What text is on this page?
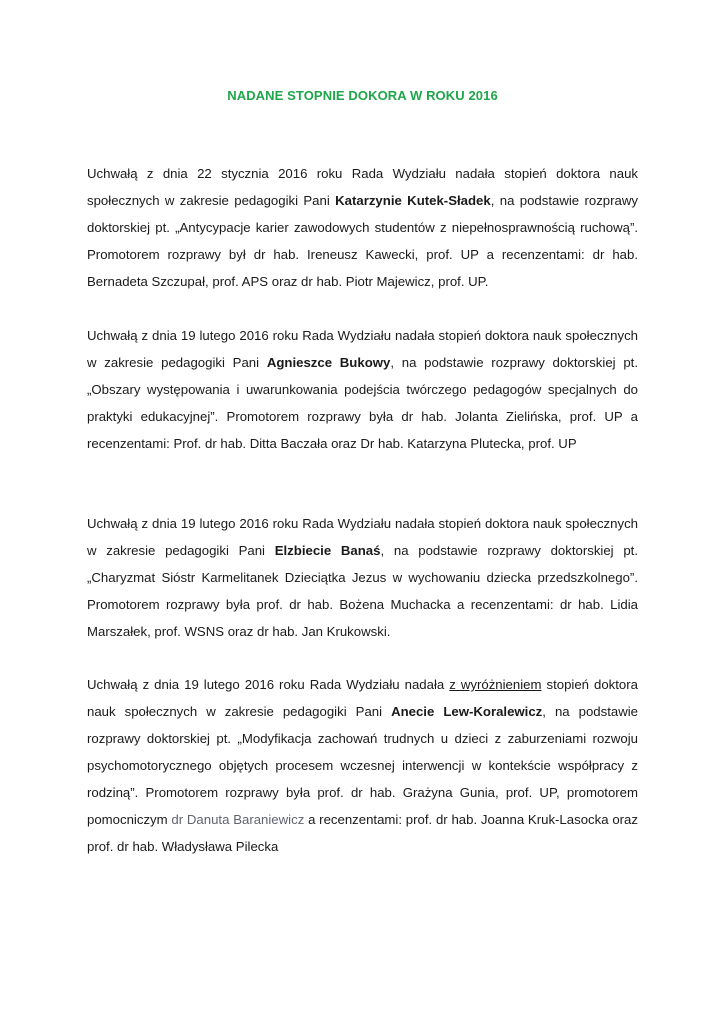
NADANE STOPNIE DOKORA W ROKU 2016

Uchwałą z dnia 22 stycznia 2016 roku Rada Wydziału nadała stopień doktora nauk społecznych w zakresie pedagogiki Pani Katarzynie Kutek-Sładek, na podstawie rozprawy doktorskiej pt. „Antycypacje karier zawodowych studentów z niepełnosprawnością ruchową”. Promotorem rozprawy był dr hab. Ireneusz Kawecki, prof. UP a recenzentami: dr hab. Bernadeta Szczupał, prof. APS oraz dr hab. Piotr Majewicz, prof. UP.

Uchwałą z dnia 19 lutego 2016 roku Rada Wydziału nadała stopień doktora nauk społecznych w zakresie pedagogiki Pani Agnieszce Bukowy, na podstawie rozprawy doktorskiej pt. „Obszary występowania i uwarunkowania podejścia twórczego pedagogów specjalnych do praktyki edukacyjnej”. Promotorem rozprawy była dr hab. Jolanta Zielińska, prof. UP a recenzentami: Prof. dr hab. Ditta Baczała oraz Dr hab. Katarzyna Plutecka, prof. UP

Uchwałą z dnia 19 lutego 2016 roku Rada Wydziału nadała stopień doktora nauk społecznych w zakresie pedagogiki Pani Elzbiecie Banaś, na podstawie rozprawy doktorskiej pt. „Charyzmat Sióstr Karmelitanek Dzieciątka Jezus w wychowaniu dziecka przedszkolnego”. Promotorem rozprawy była prof. dr hab. Bożena Muchacka a recenzentami: dr hab. Lidia Marszałek, prof. WSNS oraz dr hab. Jan Krukowski.

Uchwałą z dnia 19 lutego 2016 roku Rada Wydziału nadała z wyróżnieniem stopień doktora nauk społecznych w zakresie pedagogiki Pani Anecie Lew-Koralewicz, na podstawie rozprawy doktorskiej pt. „Modyfikacja zachowań trudnych u dzieci z zaburzeniami rozwoju psychomotorycznego objętych procesem wczesnej interwencji w kontekście współpracy z rodziną”. Promotorem rozprawy była prof. dr hab. Grażyna Gunia, prof. UP, promotorem pomocniczym dr Danuta Baraniewicz a recenzentami: prof. dr hab. Joanna Kruk-Lasocka oraz prof. dr hab. Władysława Pilecka
